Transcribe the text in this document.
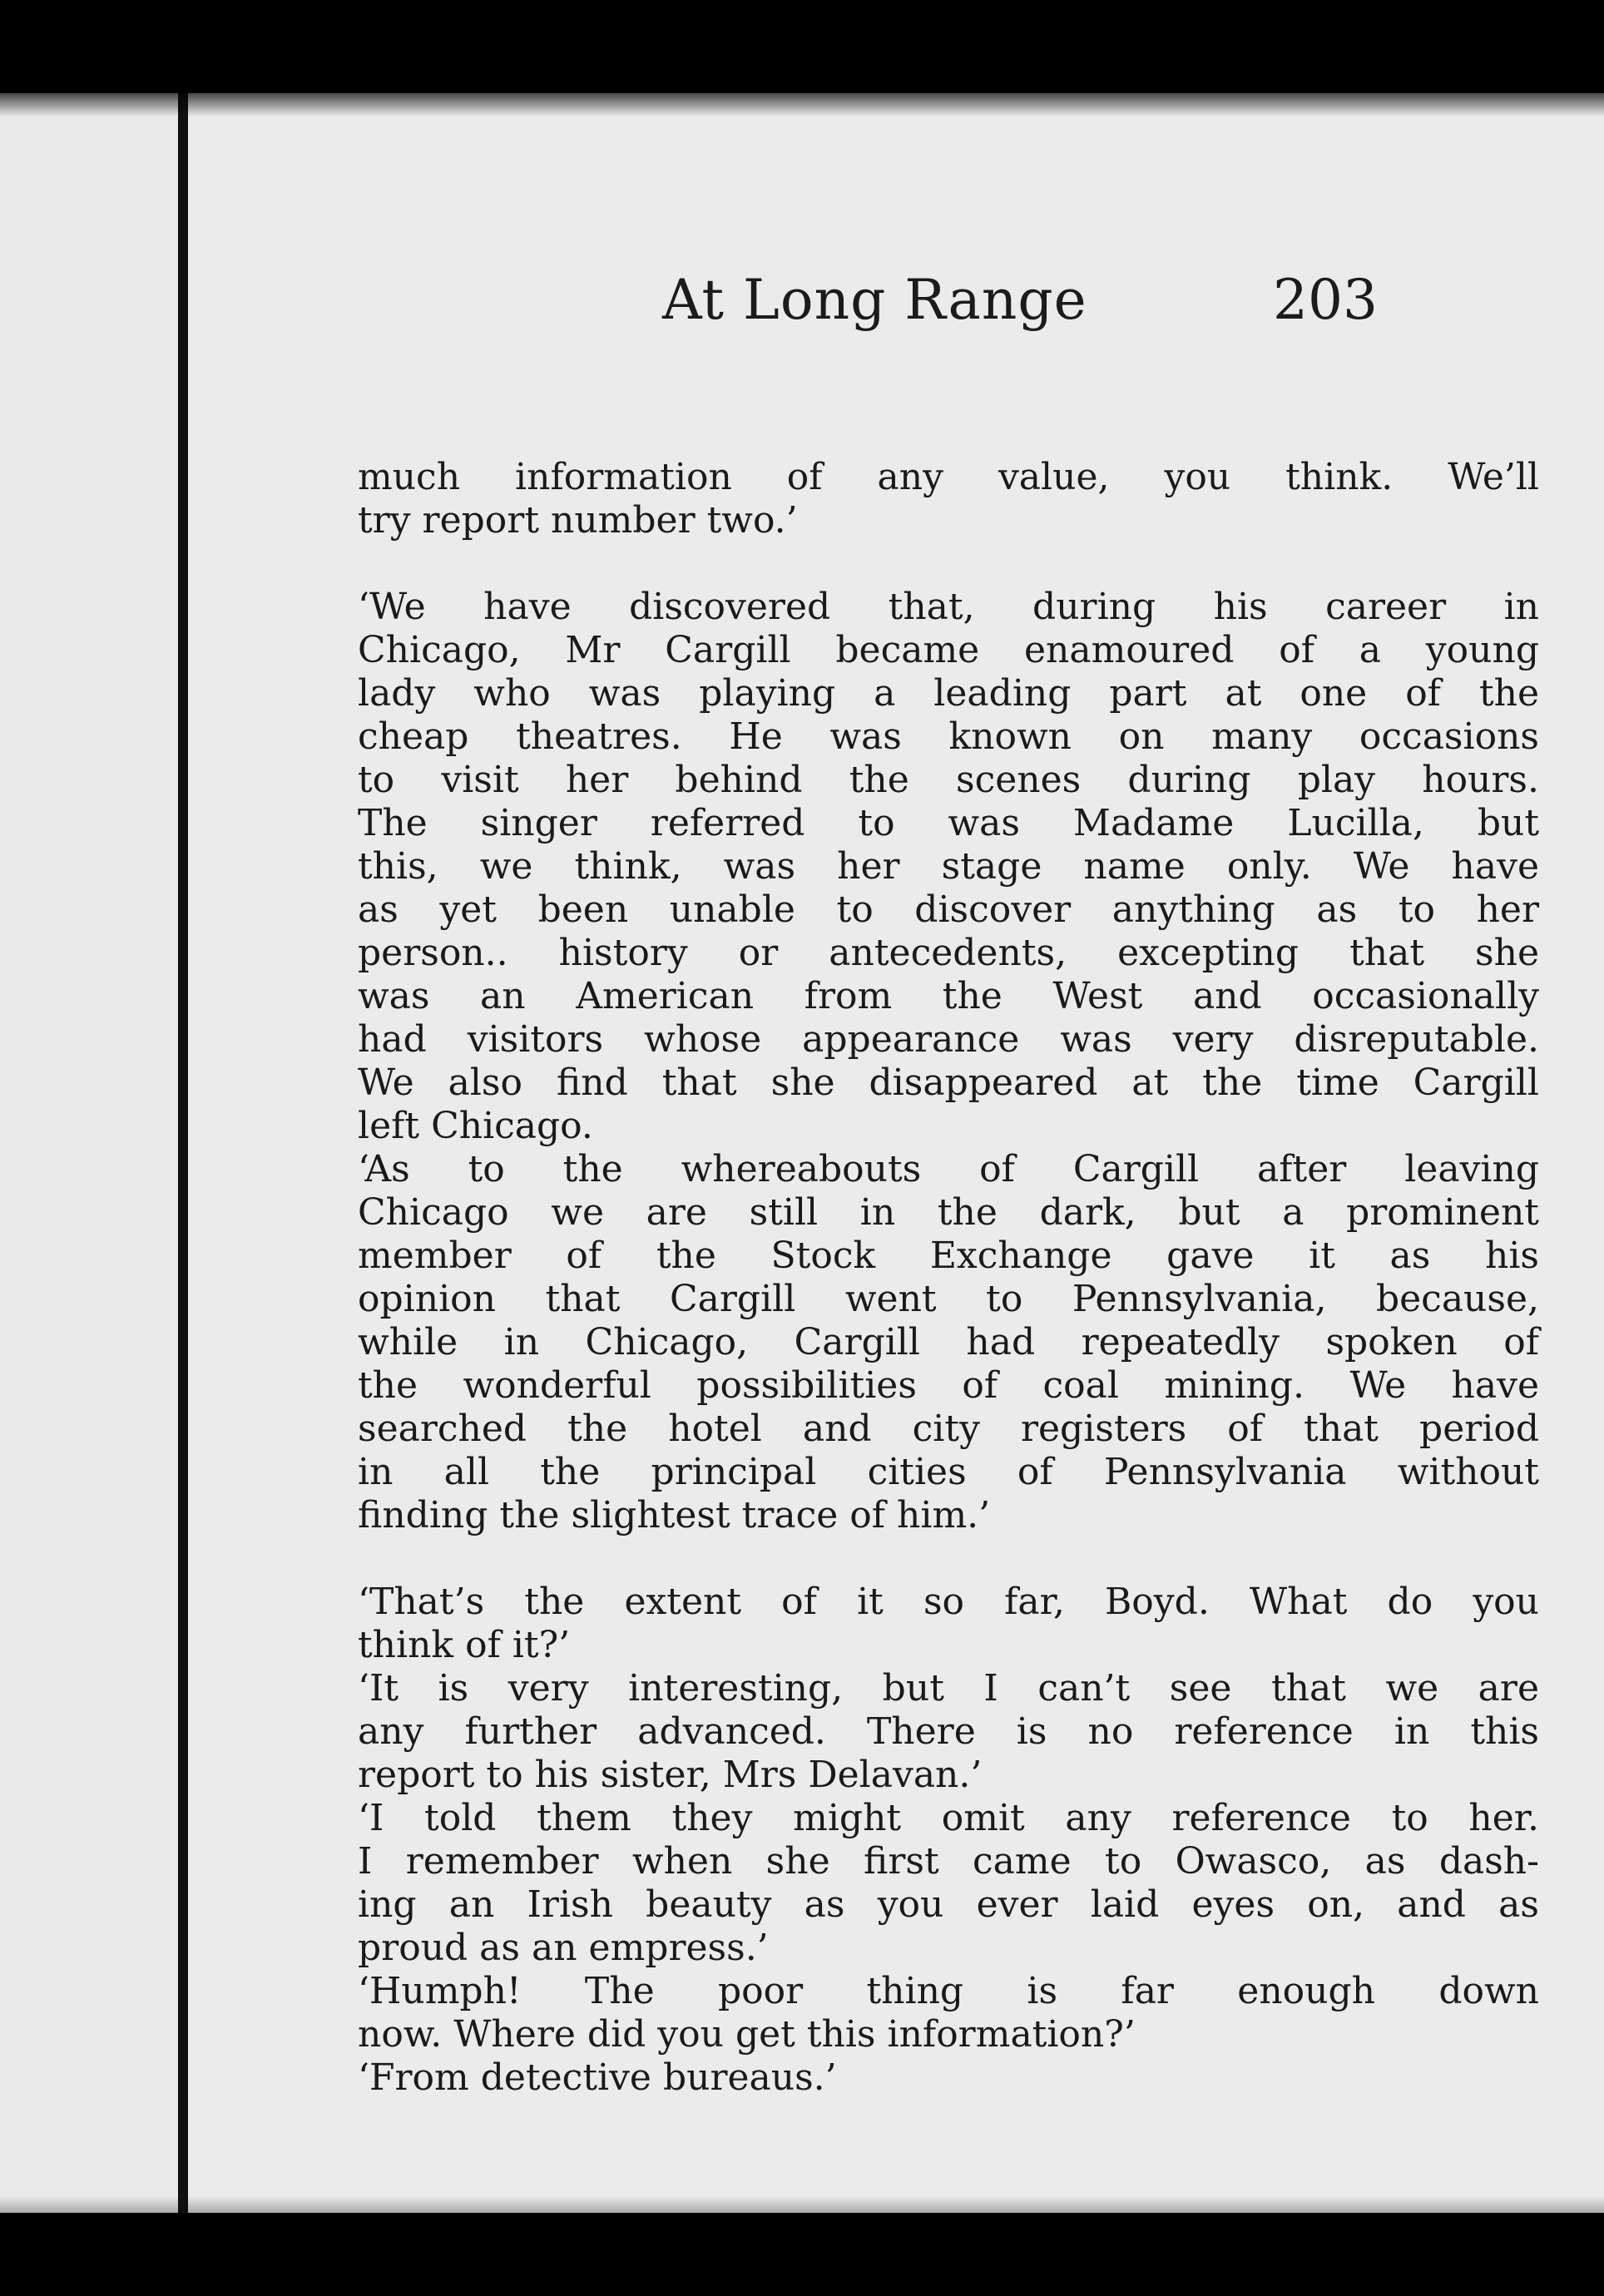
At Long Range	203
much information of any value, you think. We’ll
try report number two.’
‘We have discovered that, during his career in
Chicago, Mr Cargill became enamoured of a young
lady who was playing a leading part at one of the
cheap theatres. He was known on many occasions
to visit her behind the scenes during play hours.
The singer referred to was Madame Lucilla, but
this, we think, was her stage name only. We have
as yet been unable to discover anything as to her
person.. history or antecedents, excepting that she
was an American from the West and occasionally
had visitors whose appearance was very disreputable.
We also find that she disappeared at the time Cargill
left Chicago.
‘As to the whereabouts of Cargill after leaving
Chicago we are still in the dark, but a prominent
member of the Stock Exchange gave it as his
opinion that Cargill went to Pennsylvania, because,
while in Chicago, Cargill had repeatedly spoken of
the wonderful possibilities of coal mining. We have
searched the hotel and city registers of that period
in all the principal cities of Pennsylvania without
finding the slightest trace of him.’
‘That’s the extent of it so far, Boyd. What do you
think of it?’
‘It is very interesting, but I can’t see that we are
any further advanced. There is no reference in this
report to his sister, Mrs Delavan.’
‘I told them they might omit any reference to her.
I remember when she first came to Owasco, as dash-
ing an Irish beauty as you ever laid eyes on, and as
proud as an empress.’
‘Humph! The poor thing is far enough down
now. Where did you get this information?’
‘From detective bureaus.’
